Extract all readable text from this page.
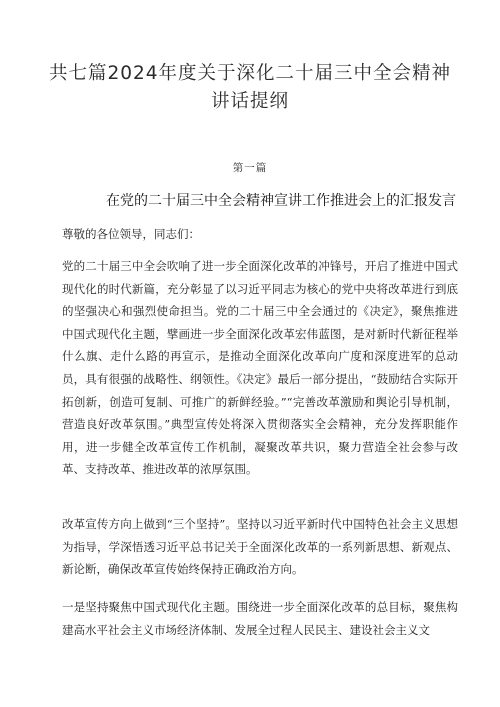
共七篇2024年度关于深化二十届三中全会精神讲话提纲
第一篇
在党的二十届三中全会精神宣讲工作推进会上的汇报发言
尊敬的各位领导，同志们：

党的二十届三中全会吹响了进一步全面深化改革的冲锋号，开启了推进中国式现代化的时代新篇，充分彰显了以习近平同志为核心的党中央将改革进行到底的坚强决心和强烈使命担当。党的二十届三中全会通过的《决定》，聚焦推进中国式现代化主题，擘画进一步全面深化改革宏伟蓝图，是对新时代新征程举什么旗、走什么路的再宣示，是推动全面深化改革向广度和深度进军的总动员，具有很强的战略性、纲领性。《决定》最后一部分提出，“鼓励结合实际开拓创新，创造可复制、可推广的新鲜经验。”“完善改革激励和舆论引导机制，营造良好改革氛围。”典型宣传处将深入贯彻落实全会精神，充分发挥职能作用，进一步健全改革宣传工作机制，凝聚改革共识，聚力营造全社会参与改革、支持改革、推进改革的浓厚氛围。

改革宣传方向上做到“三个坚持”。坚持以习近平新时代中国特色社会主义思想为指导，学深悟透习近平总书记关于全面深化改革的一系列新思想、新观点、新论断，确保改革宣传始终保持正确政治方向。

一是坚持聚焦中国式现代化主题。围绕进一步全面深化改革的总目标，聚焦构建高水平社会主义市场经济体制、发展全过程人民民主、建设社会主义文
